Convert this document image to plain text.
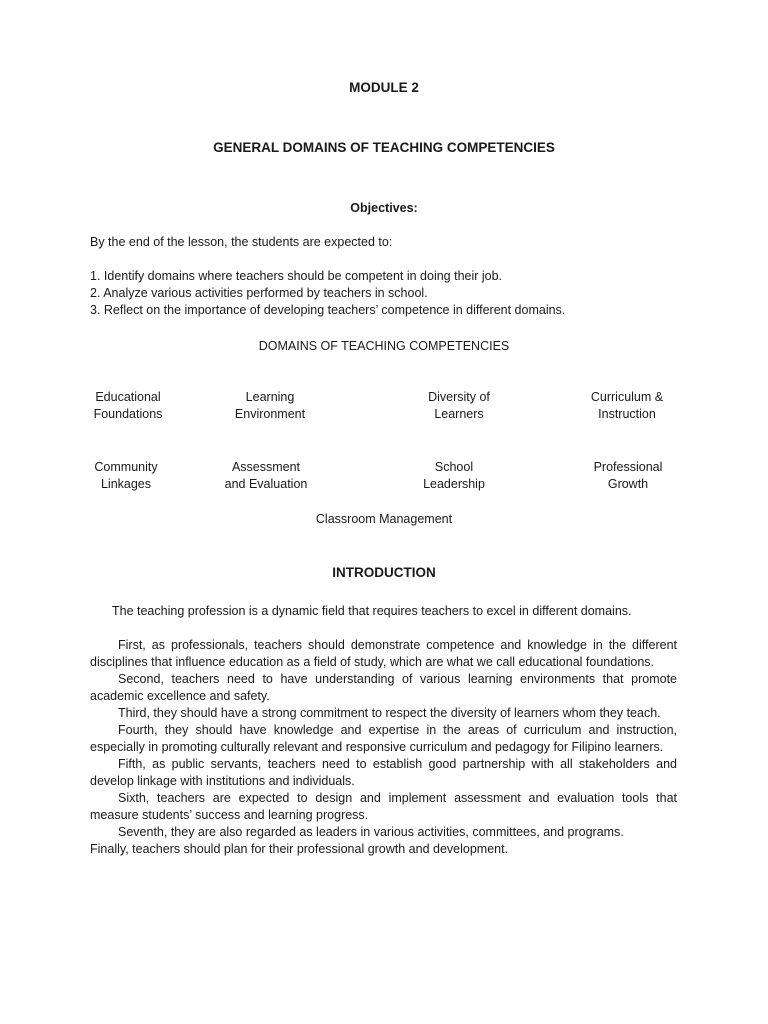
MODULE 2
GENERAL DOMAINS OF TEACHING COMPETENCIES
Objectives:
By the end of the lesson, the students are expected to:
1. Identify domains where teachers should be competent in doing their job.
2. Analyze various activities performed by teachers in school.
3. Reflect on the importance of developing teachers’ competence in different domains.
DOMAINS OF TEACHING COMPETENCIES
Educational
Foundations
Learning
Environment
Diversity of
Learners
Curriculum &
Instruction
Community
Linkages
Assessment
and Evaluation
School
Leadership
Professional
Growth
Classroom Management
INTRODUCTION

The teaching profession is a dynamic field that requires teachers to excel in different domains.

First, as professionals, teachers should demonstrate competence and knowledge in the different disciplines that influence education as a field of study, which are what we call educational foundations.

Second, teachers need to have understanding of various learning environments that promote academic excellence and safety.

Third, they should have a strong commitment to respect the diversity of learners whom they teach.

Fourth, they should have knowledge and expertise in the areas of curriculum and instruction, especially in promoting culturally relevant and responsive curriculum and pedagogy for Filipino learners.

Fifth, as public servants, teachers need to establish good partnership with all stakeholders and develop linkage with institutions and individuals.

Sixth, teachers are expected to design and implement assessment and evaluation tools that measure students’ success and learning progress.

Seventh, they are also regarded as leaders in various activities, committees, and programs.

Finally, teachers should plan for their professional growth and development.
